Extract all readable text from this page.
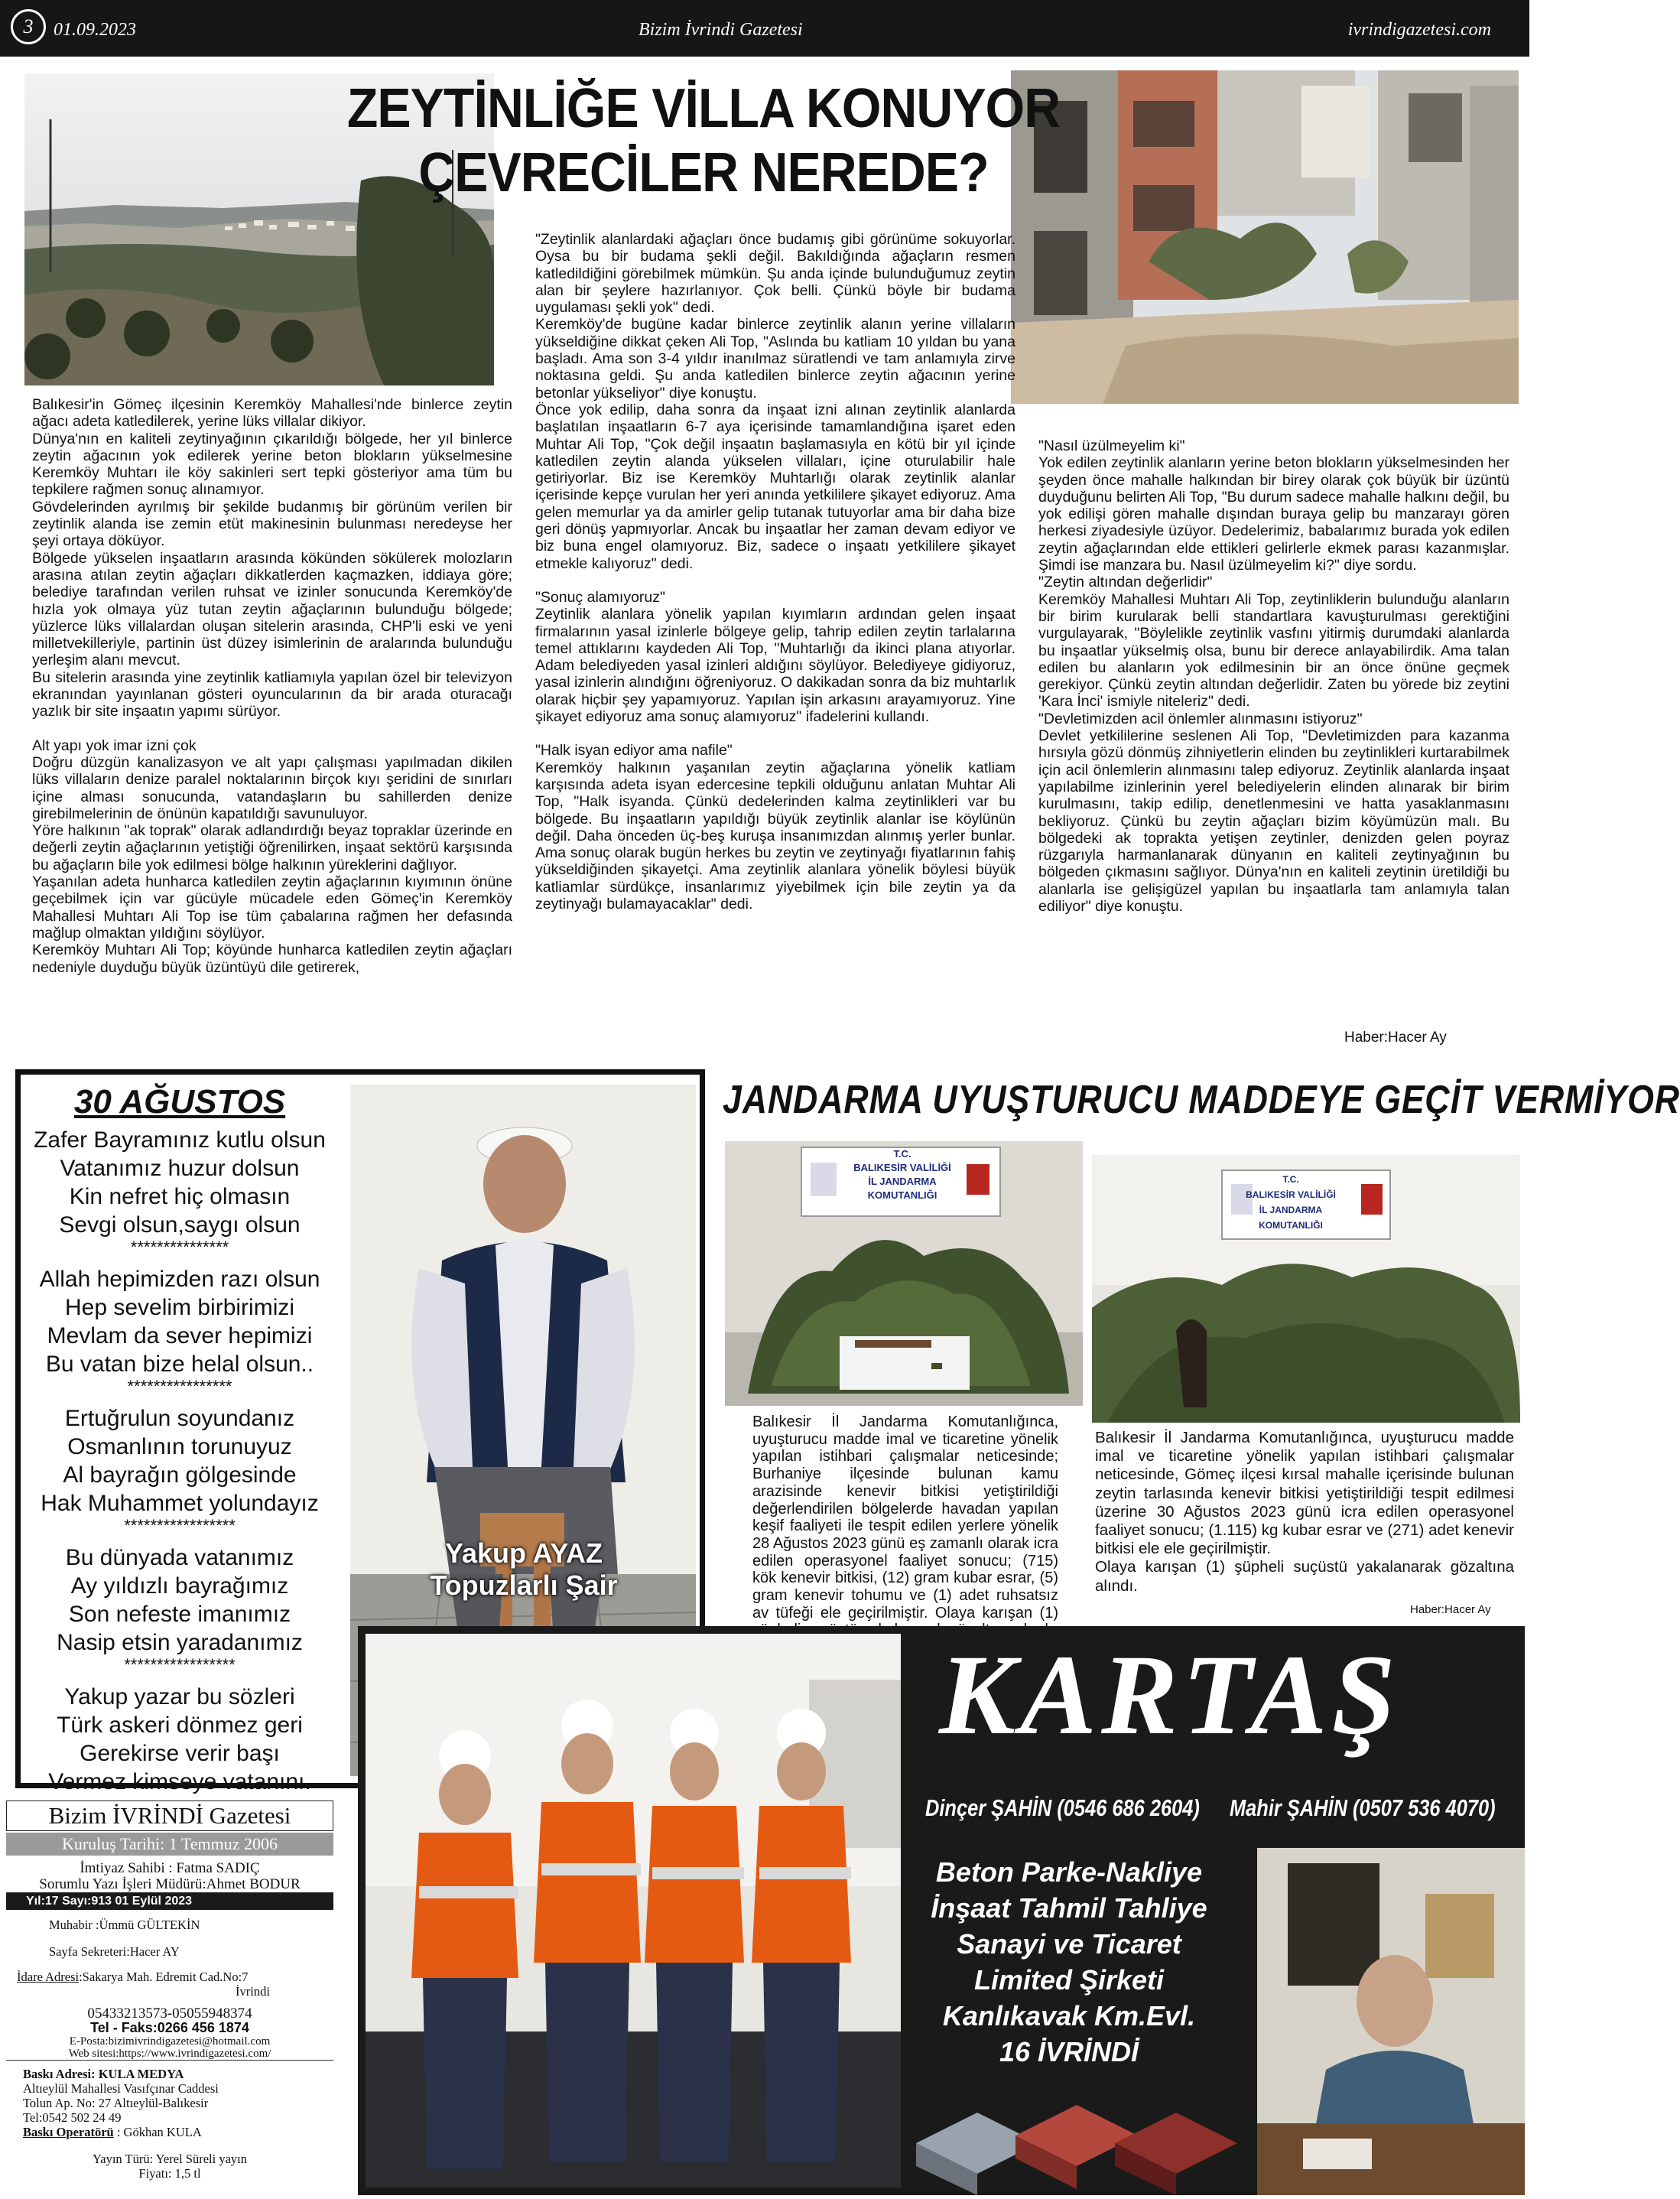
3	01.09.2023	Bizim İvrindi Gazetesi	ivrindigazetesi.com
ZEYTİNLİĞE VİLLA KONUYOR
ÇEVRECİLER NEREDE?

Balıkesir'in Gömeç ilçesinin Keremköy Mahallesi'nde binlerce zeytin ağacı adeta katledilerek, yerine lüks villalar dikiyor.

Dünya'nın en kaliteli zeytinyağının çıkarıldığı bölgede, her yıl binlerce zeytin ağacının yok edilerek yerine beton blokların yükselmesine Keremköy Muhtarı ile köy sakinleri sert tepki gösteriyor ama tüm bu tepkilere rağmen sonuç alınamıyor.

Gövdelerinden ayrılmış bir şekilde budanmış bir görünüm verilen bir zeytinlik alanda ise zemin etüt makinesinin bulunması neredeyse her şeyi ortaya döküyor.

Bölgede yükselen inşaatların arasında kökünden sökülerek molozların arasına atılan zeytin ağaçları dikkatlerden kaçmazken, iddiaya göre; belediye tarafından verilen ruhsat ve izinler sonucunda Keremköy'de hızla yok olmaya yüz tutan zeytin ağaçlarının bulunduğu bölgede; yüzlerce lüks villalardan oluşan sitelerin arasında, CHP'li eski ve yeni milletvekilleriyle, partinin üst düzey isimlerinin de aralarında bulunduğu yerleşim alanı mevcut.

Bu sitelerin arasında yine zeytinlik katliamıyla yapılan özel bir televizyon ekranından yayınlanan gösteri oyuncularının da bir arada oturacağı yazlık bir site inşaatın yapımı sürüyor.

Alt yapı yok imar izni çok

Doğru düzgün kanalizasyon ve alt yapı çalışması yapılmadan dikilen lüks villaların denize paralel noktalarının birçok kıyı şeridini de sınırları içine alması sonucunda, vatandaşların bu sahillerden denize girebilmelerinin de önünün kapatıldığı savunuluyor.

Yöre halkının "ak toprak" olarak adlandırdığı beyaz topraklar üzerinde en değerli zeytin ağaçlarının yetiştiği öğrenilirken, inşaat sektörü karşısında bu ağaçların bile yok edilmesi bölge halkının yüreklerini dağlıyor.

Yaşanılan adeta hunharca katledilen zeytin ağaçlarının kıyımının önüne geçebilmek için var gücüyle mücadele eden Gömeç'in Keremköy Mahallesi Muhtarı Ali Top ise tüm çabalarına rağmen her defasında mağlup olmaktan yıldığını söylüyor.

Keremköy Muhtarı Ali Top; köyünde hunharca katledilen zeytin ağaçları nedeniyle duyduğu büyük üzüntüyü dile getirerek,

"Zeytinlik alanlardaki ağaçları önce budamış gibi görünüme sokuyorlar. Oysa bu bir budama şekli değil. Bakıldığında ağaçların resmen katledildiğini görebilmek mümkün. Şu anda içinde bulunduğumuz zeytin alan bir şeylere hazırlanıyor. Çok belli. Çünkü böyle bir budama uygulaması şekli yok" dedi.

Keremköy'de bugüne kadar binlerce zeytinlik alanın yerine villaların yükseldiğine dikkat çeken Ali Top, "Aslında bu katliam 10 yıldan bu yana başladı. Ama son 3-4 yıldır inanılmaz süratlendi ve tam anlamıyla zirve noktasına geldi. Şu anda katledilen binlerce zeytin ağacının yerine betonlar yükseliyor" diye konuştu.

Önce yok edilip, daha sonra da inşaat izni alınan zeytinlik alanlarda başlatılan inşaatların 6-7 aya içerisinde tamamlandığına işaret eden Muhtar Ali Top, "Çok değil inşaatın başlamasıyla en kötü bir yıl içinde katledilen zeytin alanda yükselen villaları, içine oturulabilir hale getiriyorlar. Biz ise Keremköy Muhtarlığı olarak zeytinlik alanlar içerisinde kepçe vurulan her yeri anında yetkililere şikayet ediyoruz. Ama gelen memurlar ya da amirler gelip tutanak tutuyorlar ama bir daha bize geri dönüş yapmıyorlar. Ancak bu inşaatlar her zaman devam ediyor ve biz buna engel olamıyoruz. Biz, sadece o inşaatı yetkililere şikayet etmekle kalıyoruz" dedi.

"Sonuç alamıyoruz"

Zeytinlik alanlara yönelik yapılan kıyımların ardından gelen inşaat firmalarının yasal izinlerle bölgeye gelip, tahrip edilen zeytin tarlalarına temel attıklarını kaydeden Ali Top, "Muhtarlığı da ikinci plana atıyorlar. Adam belediyeden yasal izinleri aldığını söylüyor. Belediyeye gidiyoruz, yasal izinlerin alındığını öğreniyoruz. O dakikadan sonra da biz muhtarlık olarak hiçbir şey yapamıyoruz. Yapılan işin arkasını arayamıyoruz. Yine şikayet ediyoruz ama sonuç alamıyoruz" ifadelerini kullandı.

"Halk isyan ediyor ama nafile"

Keremköy halkının yaşanılan zeytin ağaçlarına yönelik katliam karşısında adeta isyan edercesine tepkili olduğunu anlatan Muhtar Ali Top, "Halk isyanda. Çünkü dedelerinden kalma zeytinlikleri var bu bölgede. Bu inşaatların yapıldığı büyük zeytinlik alanlar ise köylünün değil. Daha önceden üç-beş kuruşa insanımızdan alınmış yerler bunlar. Ama sonuç olarak bugün herkes bu zeytin ve zeytinyağı fiyatlarının fahiş yükseldiğinden şikayetçi. Ama zeytinlik alanlara yönelik böylesi büyük katliamlar sürdükçe, insanlarımız yiyebilmek için bile zeytin ya da zeytinyağı bulamayacaklar" dedi.

"Nasıl üzülmeyelim ki"

Yok edilen zeytinlik alanların yerine beton blokların yükselmesinden her şeyden önce mahalle halkından bir birey olarak çok büyük bir üzüntü duyduğunu belirten Ali Top, "Bu durum sadece mahalle halkını değil, bu yok edilişi gören mahalle dışından buraya gelip bu manzarayı gören herkesi ziyadesiyle üzüyor. Dedelerimiz, babalarımız burada yok edilen zeytin ağaçlarından elde ettikleri gelirlerle ekmek parası kazanmışlar. Şimdi ise manzara bu. Nasıl üzülmeyelim ki?" diye sordu.

"Zeytin altından değerlidir"

Keremköy Mahallesi Muhtarı Ali Top, zeytinliklerin bulunduğu alanların bir birim kurularak belli standartlara kavuşturulması gerektiğini vurgulayarak, "Böylelikle zeytinlik vasfını yitirmiş durumdaki alanlarda bu inşaatlar yükselmiş olsa, bunu bir derece anlayabilirdik. Ama talan edilen bu alanların yok edilmesinin bir an önce önüne geçmek gerekiyor. Çünkü zeytin altından değerlidir. Zaten bu yörede biz zeytini 'Kara İnci' ismiyle niteleriz" dedi.

"Devletimizden acil önlemler alınmasını istiyoruz"

Devlet yetkililerine seslenen Ali Top, "Devletimizden para kazanma hırsıyla gözü dönmüş zihniyetlerin elinden bu zeytinlikleri kurtarabilmek için acil önlemlerin alınmasını talep ediyoruz. Zeytinlik alanlarda inşaat yapılabilme izinlerinin yerel belediyelerin elinden alınarak bir birim kurulmasını, takip edilip, denetlenmesini ve hatta yasaklanmasını bekliyoruz. Çünkü bu zeytin ağaçları bizim köyümüzün malı. Bu bölgedeki ak toprakta yetişen zeytinler, denizden gelen poyraz rüzgarıyla harmanlanarak dünyanın en kaliteli zeytinyağının bu bölgeden çıkmasını sağlıyor. Dünya'nın en kaliteli zeytinin üretildiği bu alanlarla ise gelişigüzel yapılan bu inşaatlarla tam anlamıyla talan ediliyor" diye konuştu.

Haber:Hacer Ay
30 AĞUSTOS
Zafer Bayramınız kutlu olsun
Vatanımız huzur dolsun
Kin nefret hiç olmasın
Sevgi olsun,saygı olsun
***************
Allah hepimizden razı olsun
Hep sevelim birbirimizi
Mevlam da sever hepimizi
Bu vatan bize helal olsun..
****************
Ertuğrulun soyundanız
Osmanlının torunuyuz
Al bayrağın gölgesinde
Hak Muhammet yolundayız
*****************
Bu dünyada vatanımız
Ay yıldızlı bayrağımız
Son nefeste imanımız
Nasip etsin yaradanımız
*****************
Yakup yazar bu sözleri
Türk askeri dönmez geri
Gerekirse verir başı
Vermez kimseye vatanını.
Yakup AYAZ
Topuzlarlı Şair
JANDARMA UYUŞTURUCU MADDEYE GEÇİT VERMİYOR
T.C.
BALIKESİR VALİLİĞİ
İL JANDARMA KOMUTANLIĞI
T.C.
BALIKESİR VALİLİĞİ
İL JANDARMA KOMUTANLIĞI
Balıkesir İl Jandarma Komutanlığınca, uyuşturucu madde imal ve ticaretine yönelik yapılan istihbari çalışmalar neticesinde; Burhaniye ilçesinde bulunan kamu arazisinde kenevir bitkisi yetiştirildiği değerlendirilen bölgelerde havadan yapılan keşif faaliyeti ile tespit edilen yerlere yönelik 28 Ağustos 2023 günü eş zamanlı olarak icra edilen operasyonel faaliyet sonucu; (715) kök kenevir bitkisi, (12) gram kubar esrar, (5) gram kenevir tohumu ve (1) adet ruhsatsız av tüfeği ele geçirilmiştir. Olaya karışan (1)

Balıkesir İl Jandarma Komutanlığınca, uyuşturucu madde imal ve ticaretine yönelik yapılan istihbari çalışmalar neticesinde, Gömeç ilçesi kırsal mahalle içerisinde bulunan zeytin tarlasında kenevir bitkisi yetiştirildiği tespit edilmesi üzerine 30 Ağustos 2023 günü icra edilen operasyonel faaliyet sonucu; (1.115) kg kubar esrar ve (271) adet kenevir bitkisi ele ele geçirilmiştir.

Olaya karışan (1) şüpheli suçüstü yakalanarak gözaltına alındı.

Haber:Hacer Ay
Bizim İVRİNDİ Gazetesi
Kuruluş Tarihi: 1 Temmuz 2006
İmtiyaz Sahibi : Fatma SADIÇ
Sorumlu Yazı İşleri Müdürü:Ahmet BODUR
Yıl:17 Sayı:913 01 Eylül 2023
Muhabir :Ümmü GÜLTEKİN
Sayfa Sekreteri:Hacer AY
İdare Adresi:Sakarya Mah. Edremit Cad.No:7
İvrindi
05433213573-05055948374
Tel - Faks:0266 456 1874
E-Posta:bizimivrindigazetesi@hotmail.com
Web sitesi:https://www.ivrindigazetesi.com/
Baskı Adresi: KULA MEDYA
Altıeylül Mahallesi Vasıfçınar Caddesi
Tolun Ap. No: 27 Altıeylül-Balıkesir
Tel:0542 502 24 49
Baskı Operatörü : Gökhan KULA
Yayın Türü: Yerel Süreli yayın
Fiyatı: 1,5 tl
KARTAŞ
Dinçer ŞAHİN (0546 686 2604) Mahir ŞAHİN (0507 536 4070)
Beton Parke-Nakliye
İnşaat Tahmil Tahliye
Sanayi ve Ticaret
Limited Şirketi
Kanlıkavak Km.Evl.
16 İVRİNDİ
